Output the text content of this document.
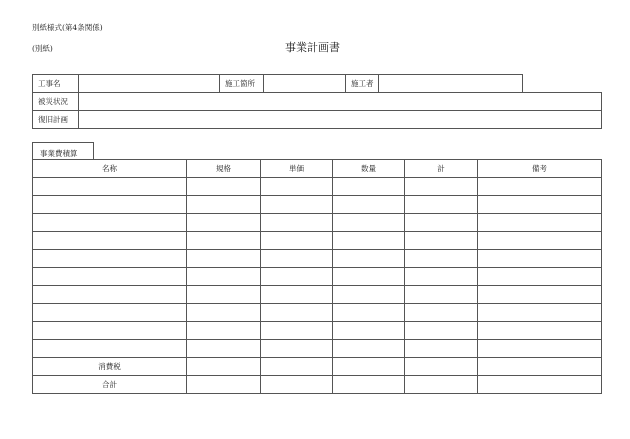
別紙様式(第4条関係)
(別紙)	事業計画書
工事名		施工箇所		施工者	
被災状況	
復旧計画	
事業費積算
名称	規格	単価	数量	計	備考

消費税					
合計					
